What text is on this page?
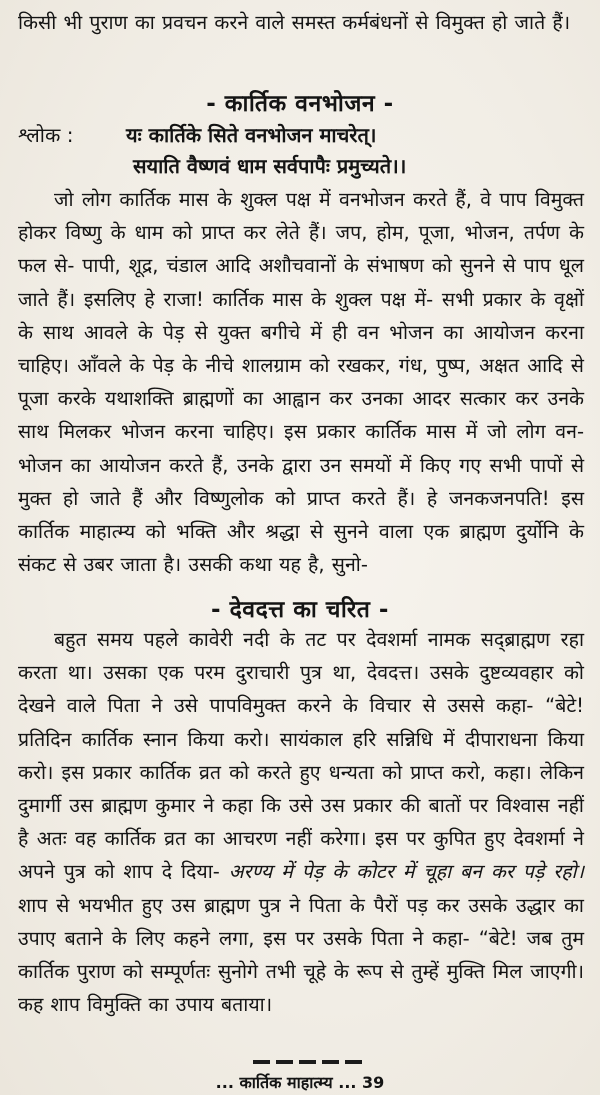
किसी भी पुराण का प्रवचन करने वाले समस्त कर्मबंधनों से विमुक्त हो जाते हैं।

- कार्तिक वनभोजन -
श्लोक :	यः कार्तिके सिते वनभोजन माचरेत्।
सयाति वैष्णवं धाम सर्वपापैः प्रमुच्यते।।

जो लोग कार्तिक मास के शुक्ल पक्ष में वनभोजन करते हैं, वे पाप विमुक्त होकर विष्णु के धाम को प्राप्त कर लेते हैं। जप, होम, पूजा, भोजन, तर्पण के फल से- पापी, शूद्र, चंडाल आदि अशौचवानों के संभाषण को सुनने से पाप धूल जाते हैं। इसलिए हे राजा! कार्तिक मास के शुक्ल पक्ष में- सभी प्रकार के वृक्षों के साथ आवले के पेड़ से युक्त बगीचे में ही वन भोजन का आयोजन करना चाहिए। आँवले के पेड़ के नीचे शालग्राम को रखकर, गंध, पुष्प, अक्षत आदि से पूजा करके यथाशक्ति ब्राह्मणों का आह्वान कर उनका आदर सत्कार कर उनके साथ मिलकर भोजन करना चाहिए। इस प्रकार कार्तिक मास में जो लोग वन-भोजन का आयोजन करते हैं, उनके द्वारा उन समयों में किए गए सभी पापों से मुक्त हो जाते हैं और विष्णुलोक को प्राप्त करते हैं। हे जनकजनपति! इस कार्तिक माहात्म्य को भक्ति और श्रद्धा से सुनने वाला एक ब्राह्मण दुर्योनि के संकट से उबर जाता है। उसकी कथा यह है, सुनो-

- देवदत्त का चरित -

बहुत समय पहले कावेरी नदी के तट पर देवशर्मा नामक सद्ब्राह्मण रहा करता था। उसका एक परम दुराचारी पुत्र था, देवदत्त। उसके दुष्टव्यवहार को देखने वाले पिता ने उसे पापविमुक्त करने के विचार से उससे कहा- “बेटे! प्रतिदिन कार्तिक स्नान किया करो। सायंकाल हरि सन्निधि में दीपाराधना किया करो। इस प्रकार कार्तिक व्रत को करते हुए धन्यता को प्राप्त करो, कहा। लेकिन दुमार्गी उस ब्राह्मण कुमार ने कहा कि उसे उस प्रकार की बातों पर विश्वास नहीं है अतः वह कार्तिक व्रत का आचरण नहीं करेगा। इस पर कुपित हुए देवशर्मा ने अपने पुत्र को शाप दे दिया- अरण्य में पेड़ के कोटर में चूहा बन कर पड़े रहो। शाप से भयभीत हुए उस ब्राह्मण पुत्र ने पिता के पैरों पड़ कर उसके उद्धार का उपाए बताने के लिए कहने लगा, इस पर उसके पिता ने कहा- “बेटे! जब तुम कार्तिक पुराण को सम्पूर्णतः सुनोगे तभी चूहे के रूप से तुम्हें मुक्ति मिल जाएगी। कह शाप विमुक्ति का उपाय बताया।

... कार्तिक माहात्म्य ... 39
